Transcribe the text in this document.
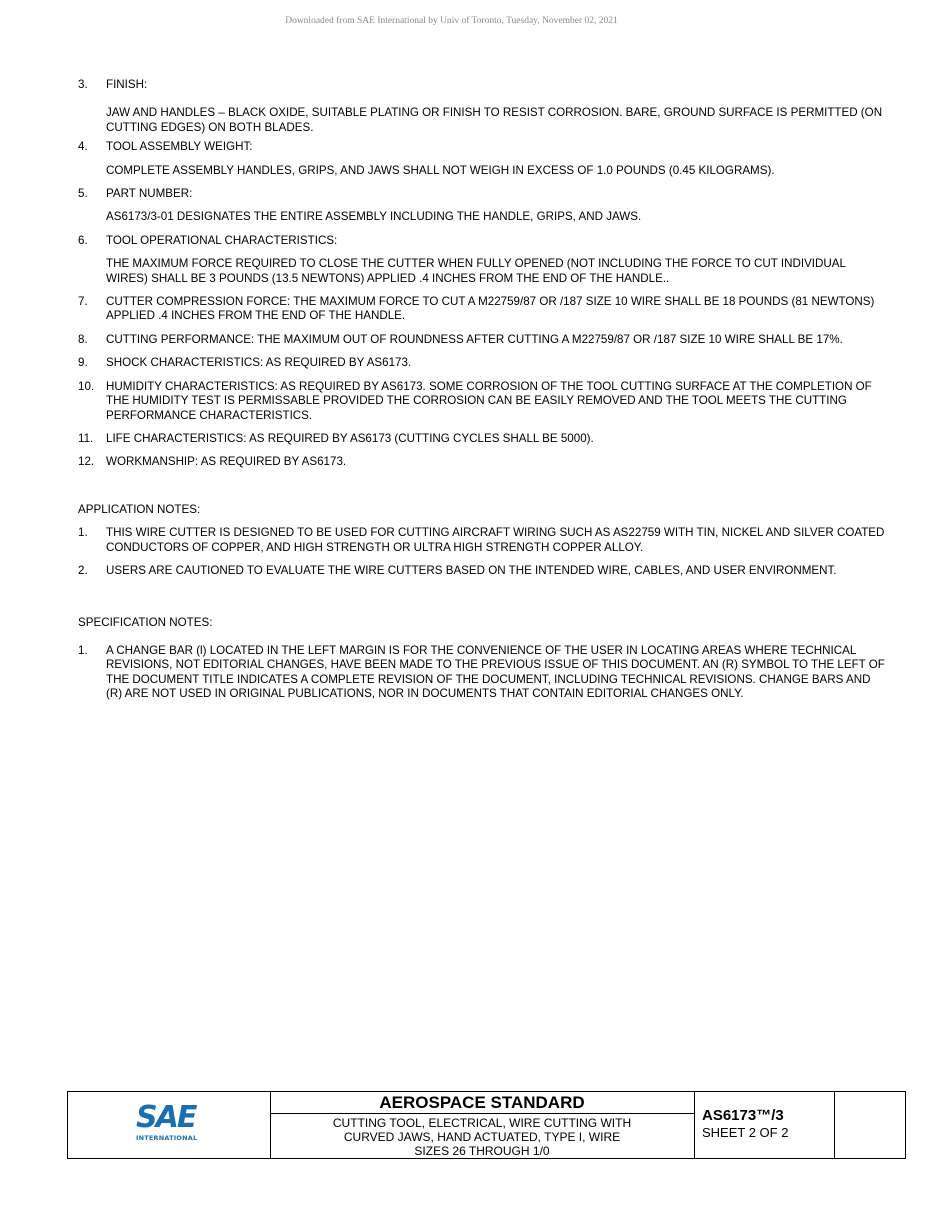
Downloaded from SAE International by Univ of Toronto, Tuesday, November 02, 2021
3. FINISH:

JAW AND HANDLES – BLACK OXIDE, SUITABLE PLATING OR FINISH TO RESIST CORROSION. BARE, GROUND SURFACE IS PERMITTED (ON CUTTING EDGES) ON BOTH BLADES.

4. TOOL ASSEMBLY WEIGHT:

COMPLETE ASSEMBLY HANDLES, GRIPS, AND JAWS SHALL NOT WEIGH IN EXCESS OF 1.0 POUNDS (0.45 KILOGRAMS).

5. PART NUMBER:

AS6173/3-01 DESIGNATES THE ENTIRE ASSEMBLY INCLUDING THE HANDLE, GRIPS, AND JAWS.

6. TOOL OPERATIONAL CHARACTERISTICS:

THE MAXIMUM FORCE REQUIRED TO CLOSE THE CUTTER WHEN FULLY OPENED (NOT INCLUDING THE FORCE TO CUT INDIVIDUAL WIRES) SHALL BE 3 POUNDS (13.5 NEWTONS) APPLIED .4 INCHES FROM THE END OF THE HANDLE..

7. CUTTER COMPRESSION FORCE: THE MAXIMUM FORCE TO CUT A M22759/87 OR /187 SIZE 10 WIRE SHALL BE 18 POUNDS (81 NEWTONS) APPLIED .4 INCHES FROM THE END OF THE HANDLE.

8. CUTTING PERFORMANCE: THE MAXIMUM OUT OF ROUNDNESS AFTER CUTTING A M22759/87 OR /187 SIZE 10 WIRE SHALL BE 17%.

9. SHOCK CHARACTERISTICS: AS REQUIRED BY AS6173.

10. HUMIDITY CHARACTERISTICS: AS REQUIRED BY AS6173. SOME CORROSION OF THE TOOL CUTTING SURFACE AT THE COMPLETION OF THE HUMIDITY TEST IS PERMISSABLE PROVIDED THE CORROSION CAN BE EASILY REMOVED AND THE TOOL MEETS THE CUTTING PERFORMANCE CHARACTERISTICS.

11. LIFE CHARACTERISTICS: AS REQUIRED BY AS6173 (CUTTING CYCLES SHALL BE 5000).

12. WORKMANSHIP: AS REQUIRED BY AS6173.

APPLICATION NOTES:

1. THIS WIRE CUTTER IS DESIGNED TO BE USED FOR CUTTING AIRCRAFT WIRING SUCH AS AS22759 WITH TIN, NICKEL AND SILVER COATED CONDUCTORS OF COPPER, AND HIGH STRENGTH OR ULTRA HIGH STRENGTH COPPER ALLOY.

2. USERS ARE CAUTIONED TO EVALUATE THE WIRE CUTTERS BASED ON THE INTENDED WIRE, CABLES, AND USER ENVIRONMENT.

SPECIFICATION NOTES:

1. A CHANGE BAR (l) LOCATED IN THE LEFT MARGIN IS FOR THE CONVENIENCE OF THE USER IN LOCATING AREAS WHERE TECHNICAL REVISIONS, NOT EDITORIAL CHANGES, HAVE BEEN MADE TO THE PREVIOUS ISSUE OF THIS DOCUMENT. AN (R) SYMBOL TO THE LEFT OF THE DOCUMENT TITLE INDICATES A COMPLETE REVISION OF THE DOCUMENT, INCLUDING TECHNICAL REVISIONS. CHANGE BARS AND (R) ARE NOT USED IN ORIGINAL PUBLICATIONS, NOR IN DOCUMENTS THAT CONTAIN EDITORIAL CHANGES ONLY.

SAE
INTERNATIONAL
AEROSPACE STANDARD
CUTTING TOOL, ELECTRICAL, WIRE CUTTING WITH
CURVED JAWS, HAND ACTUATED, TYPE I, WIRE
SIZES 26 THROUGH 1/0
AS6173™/3
SHEET 2 OF 2
